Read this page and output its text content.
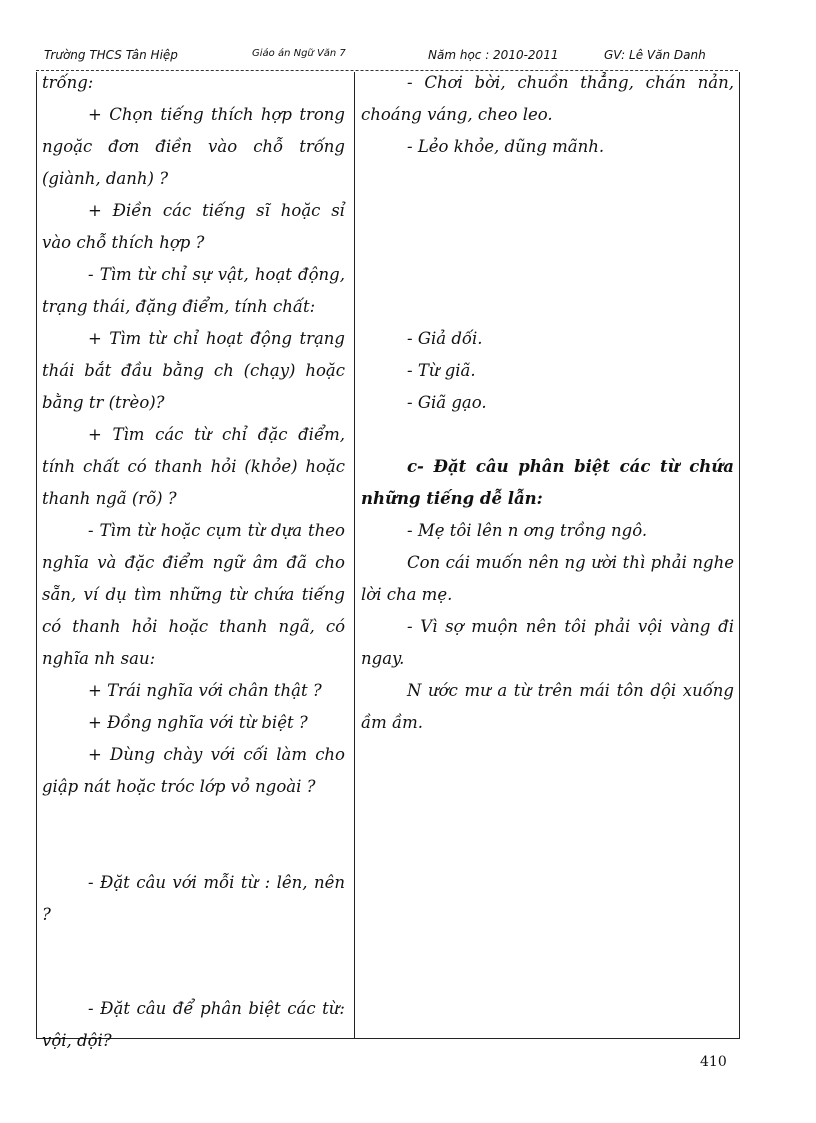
Trường THCS Tân Hiệp	Giáo án Ngữ Văn 7	Năm học : 2010-2011	GV: Lê Văn Danh

trống:

+ Chọn tiếng thích hợp trong ngoặc đơn điền vào chỗ trống (giành, danh) ?

+ Điền các tiếng sĩ hoặc sỉ vào chỗ thích hợp ?

- Tìm từ chỉ sự vật, hoạt động, trạng thái, đặng điểm, tính chất:

+ Tìm từ chỉ hoạt động trạng thái bắt đầu bằng ch (chạy) hoặc bằng tr (trèo)?

+ Tìm các từ chỉ đặc điểm, tính chất có thanh hỏi (khỏe) hoặc thanh ngã (rõ) ?

- Tìm từ hoặc cụm từ dựa theo nghĩa và đặc điểm ngữ âm đã cho sẵn, ví dụ tìm những từ chứa tiếng có thanh hỏi hoặc thanh ngã, có nghĩa nh sau:

+ Trái nghĩa với chân thật ?

+ Đồng nghĩa với từ biệt ?

+ Dùng chày với cối làm cho giập nát hoặc tróc lớp vỏ ngoài ?

- Đặt câu với mỗi từ : lên, nên ?

- Đặt câu để phân biệt các từ: vội, dội?

- Chơi bời, chuồn thẳng, chán nản, choáng váng, cheo leo.

- Lẻo khỏe, dũng mãnh.

- Giả dối.

- Từ giã.

- Giã gạo.

c- Đặt câu phân biệt các từ chứa những tiếng dễ lẫn:

- Mẹ tôi lên n ơng trồng ngô.

Con cái muốn nên ng ười thì phải nghe lời cha mẹ.

- Vì sợ muộn nên tôi phải vội vàng đi ngay.

N ước mư a từ trên mái tôn dội xuống ầm ầm.

410
